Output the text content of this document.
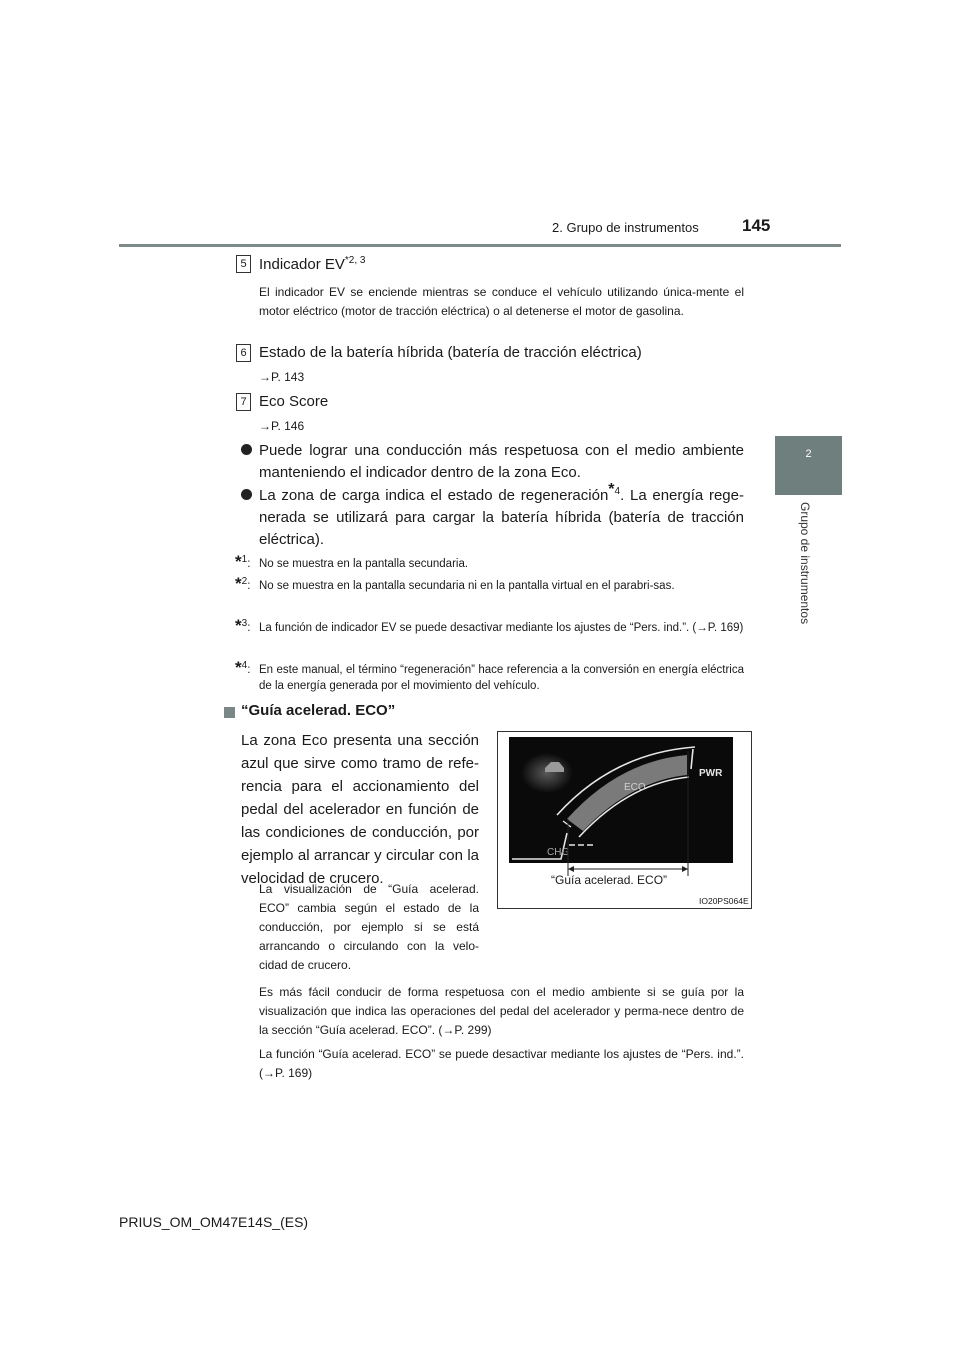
2. Grupo de instrumentos	145
2
Grupo de instrumentos
5 Indicador EV$^{*2, 3}$
El indicador EV se enciende mientras se conduce el vehículo utilizando única-mente el motor eléctrico (motor de tracción eléctrica) o al detenerse el motor de gasolina.
6 Estado de la batería híbrida (batería de tracción eléctrica)
→P. 143
7 Eco Score
→P. 146
Puede lograr una conducción más respetuosa con el medio ambiente manteniendo el indicador dentro de la zona Eco.
La zona de carga indica el estado de regeneración$^{*4}$. La energía rege-nerada se utilizará para cargar la batería híbrida (batería de tracción eléctrica).
*1: No se muestra en la pantalla secundaria.
*2: No se muestra en la pantalla secundaria ni en la pantalla virtual en el parabri-sas.
*3: La función de indicador EV se puede desactivar mediante los ajustes de “Pers. ind.”. (→P. 169)
*4: En este manual, el término “regeneración” hace referencia a la conversión en energía eléctrica de la energía generada por el movimiento del vehículo.
“Guía acelerad. ECO”
La zona Eco presenta una sección azul que sirve como tramo de refe-rencia para el accionamiento del pedal del acelerador en función de las condiciones de conducción, por ejemplo al arrancar y circular con la velocidad de crucero.
La visualización de “Guía acelerad. ECO” cambia según el estado de la conducción, por ejemplo si se está arrancando o circulando con la velo-cidad de crucero.
Es más fácil conducir de forma respetuosa con el medio ambiente si se guía por la visualización que indica las operaciones del pedal del acelerador y perma-nece dentro de la sección “Guía acelerad. ECO”. (→P. 299)
La función “Guía acelerad. ECO” se puede desactivar mediante los ajustes de “Pers. ind.”. (→P. 169)
ECO
PWR
CHG
“Guía acelerad. ECO”
IO20PS064E
PRIUS_OM_OM47E14S_(ES)
